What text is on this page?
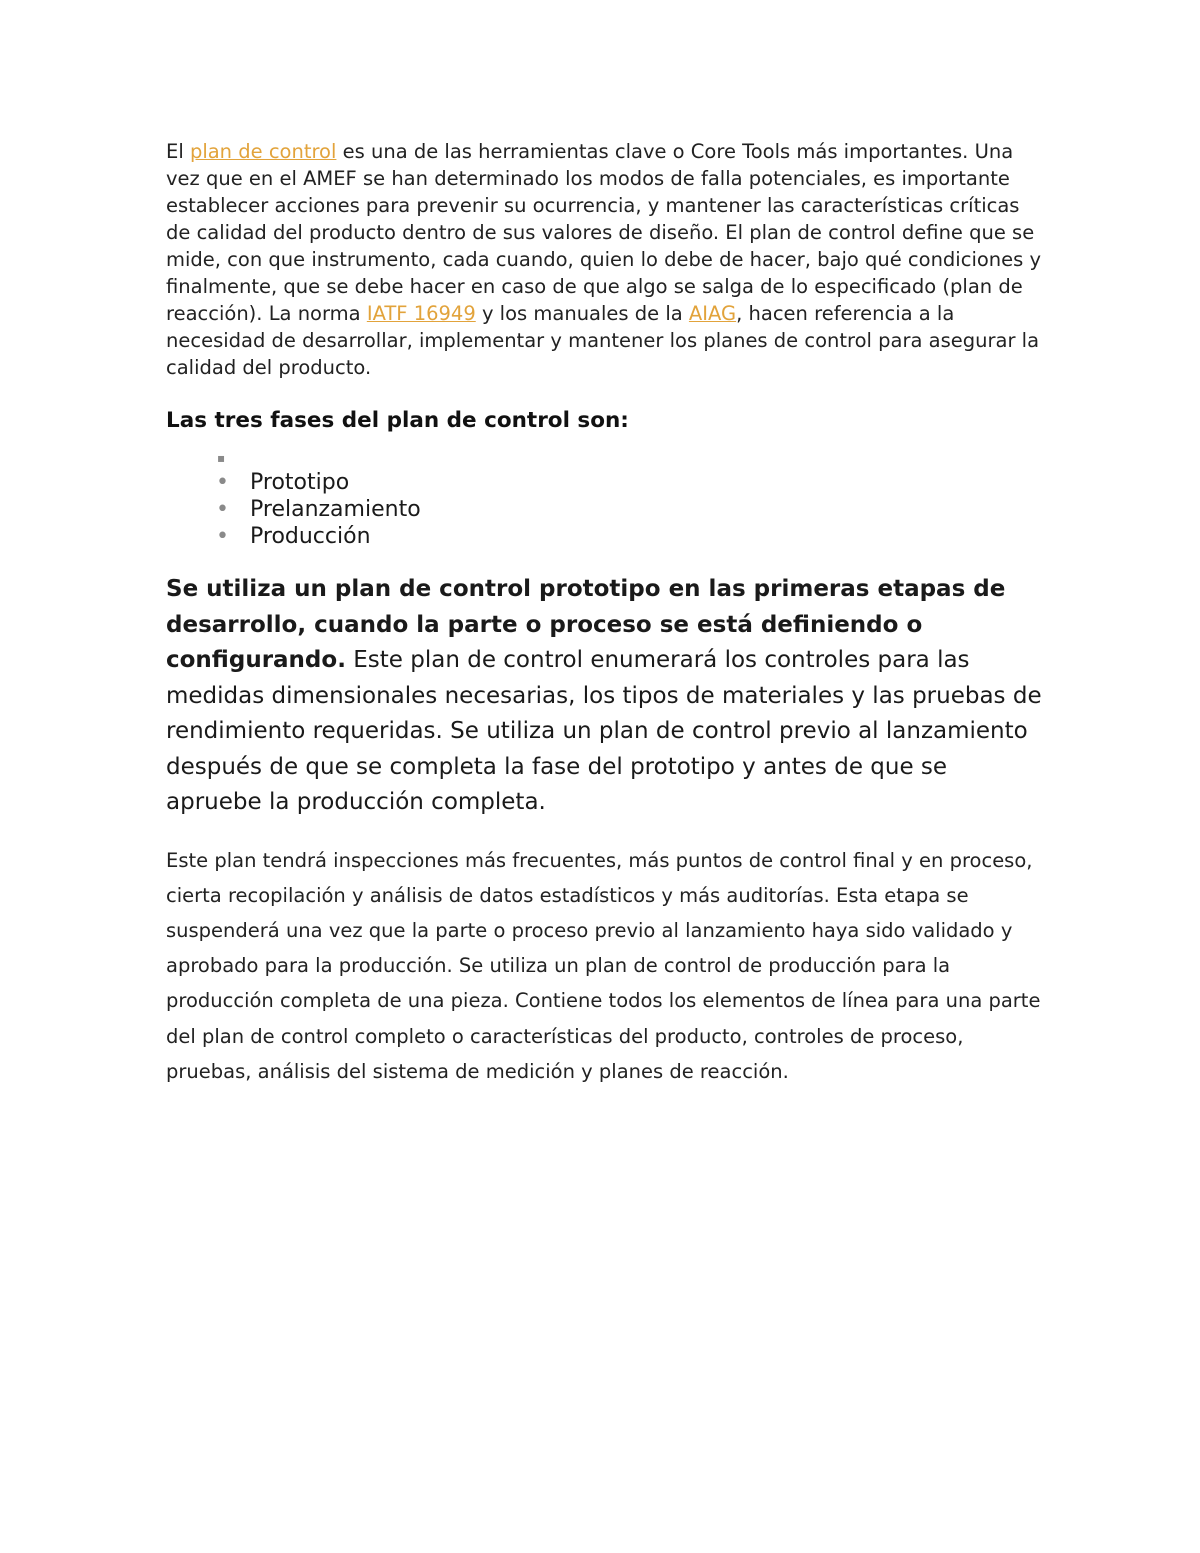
El plan de control es una de las herramientas clave o Core Tools más importantes. Una vez que en el AMEF se han determinado los modos de falla potenciales, es importante establecer acciones para prevenir su ocurrencia, y mantener las características críticas de calidad del producto dentro de sus valores de diseño. El plan de control define que se mide, con que instrumento, cada cuando, quien lo debe de hacer, bajo qué condiciones y finalmente, que se debe hacer en caso de que algo se salga de lo especificado (plan de reacción). La norma IATF 16949 y los manuales de la AIAG, hacen referencia a la necesidad de desarrollar, implementar y mantener los planes de control para asegurar la calidad del producto.

Las tres fases del plan de control son:
▪
• Prototipo
• Prelanzamiento
• Producción

Se utiliza un plan de control prototipo en las primeras etapas de desarrollo, cuando la parte o proceso se está definiendo o configurando. Este plan de control enumerará los controles para las medidas dimensionales necesarias, los tipos de materiales y las pruebas de rendimiento requeridas. Se utiliza un plan de control previo al lanzamiento después de que se completa la fase del prototipo y antes de que se apruebe la producción completa.

Este plan tendrá inspecciones más frecuentes, más puntos de control final y en proceso, cierta recopilación y análisis de datos estadísticos y más auditorías. Esta etapa se suspenderá una vez que la parte o proceso previo al lanzamiento haya sido validado y aprobado para la producción. Se utiliza un plan de control de producción para la producción completa de una pieza. Contiene todos los elementos de línea para una parte del plan de control completo o características del producto, controles de proceso, pruebas, análisis del sistema de medición y planes de reacción.
